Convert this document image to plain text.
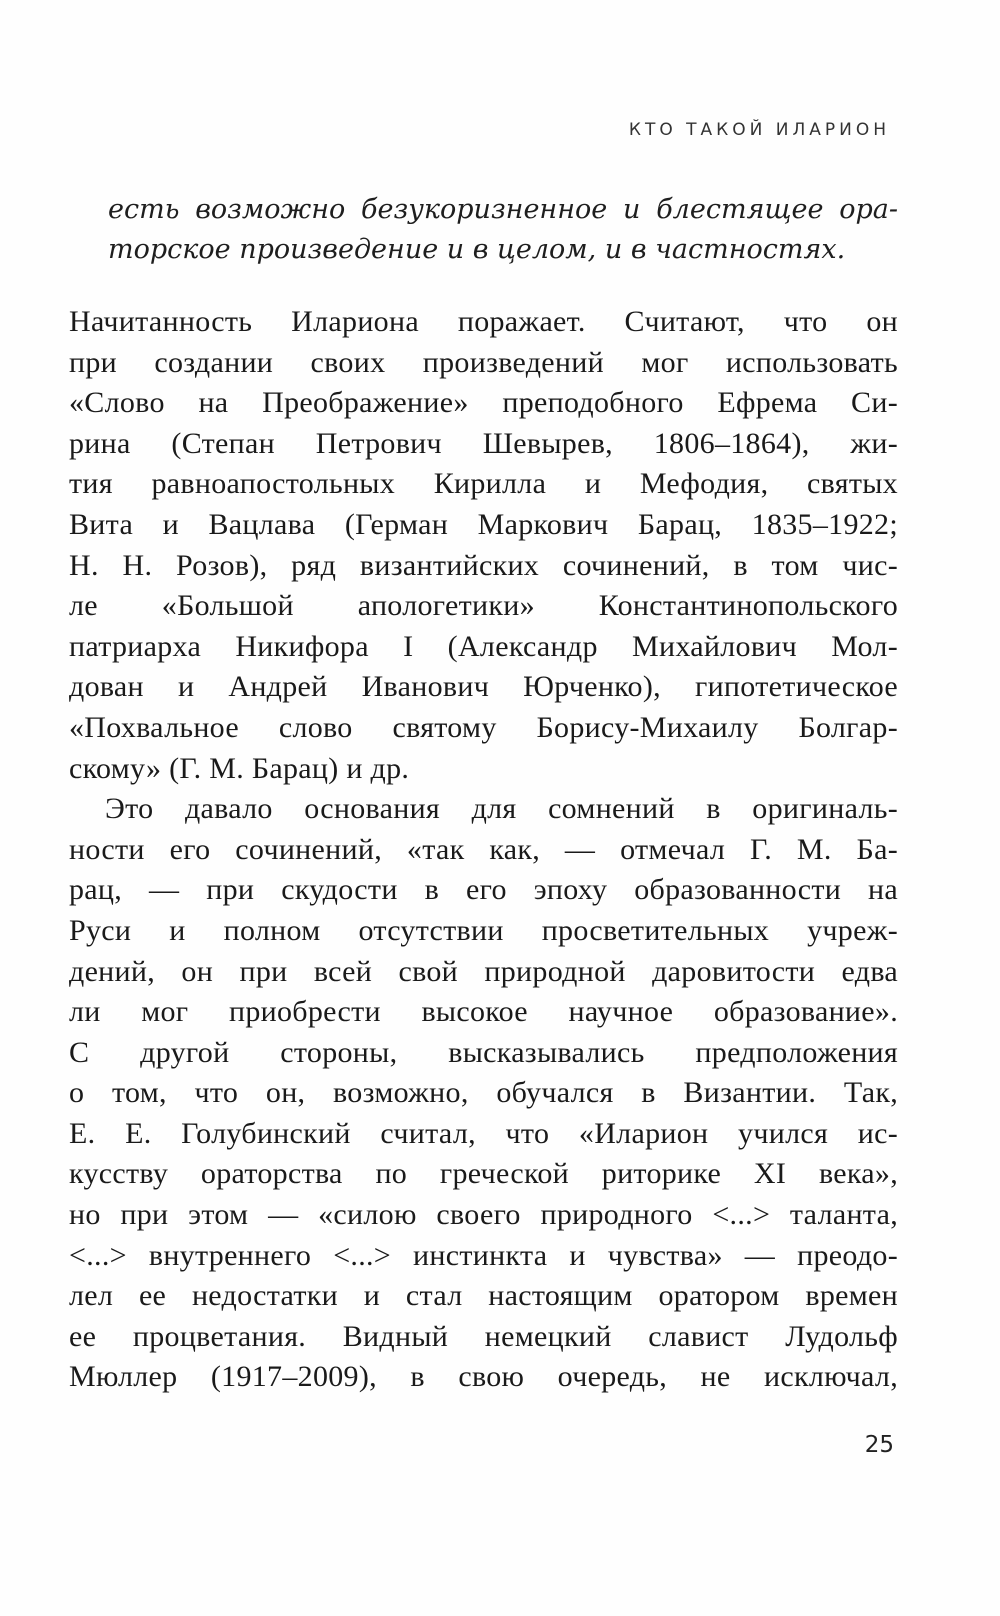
КТО ТАКОЙ ИЛАРИОН
есть возможно безукоризненное и блестящее ора-
торское произведение и в целом, и в частностях.
Начитанность Илариона поражает. Считают, что он
при создании своих произведений мог использовать
«Слово на Преображение» преподобного Ефрема Си-
рина (Степан Петрович Шевырев, 1806–1864), жи-
тия равноапостольных Кирилла и Мефодия, святых
Вита и Вацлава (Герман Маркович Барац, 1835–1922;
Н. Н. Розов), ряд византийских сочинений, в том чис-
ле «Большой апологетики» Константинопольского
патриарха Никифора I (Александр Михайлович Мол-
дован и Андрей Иванович Юрченко), гипотетическое
«Похвальное слово святому Борису-Михаилу Болгар-
скому» (Г. М. Барац) и др.
Это давало основания для сомнений в оригиналь-
ности его сочинений, «так как, — отмечал Г. М. Ба-
рац, — при скудости в его эпоху образованности на
Руси и полном отсутствии просветительных учреж-
дений, он при всей свой природной даровитости едва
ли мог приобрести высокое научное образование».
С другой стороны, высказывались предположения
о том, что он, возможно, обучался в Византии. Так,
Е. Е. Голубинский считал, что «Иларион учился ис-
кусству ораторства по греческой риторике XI века»,
но при этом — «силою своего природного <...> таланта,
<...> внутреннего <...> инстинкта и чувства» — преодо-
лел ее недостатки и стал настоящим оратором времен
ее процветания. Видный немецкий славист Лудольф
Мюллер (1917–2009), в свою очередь, не исключал,
25
